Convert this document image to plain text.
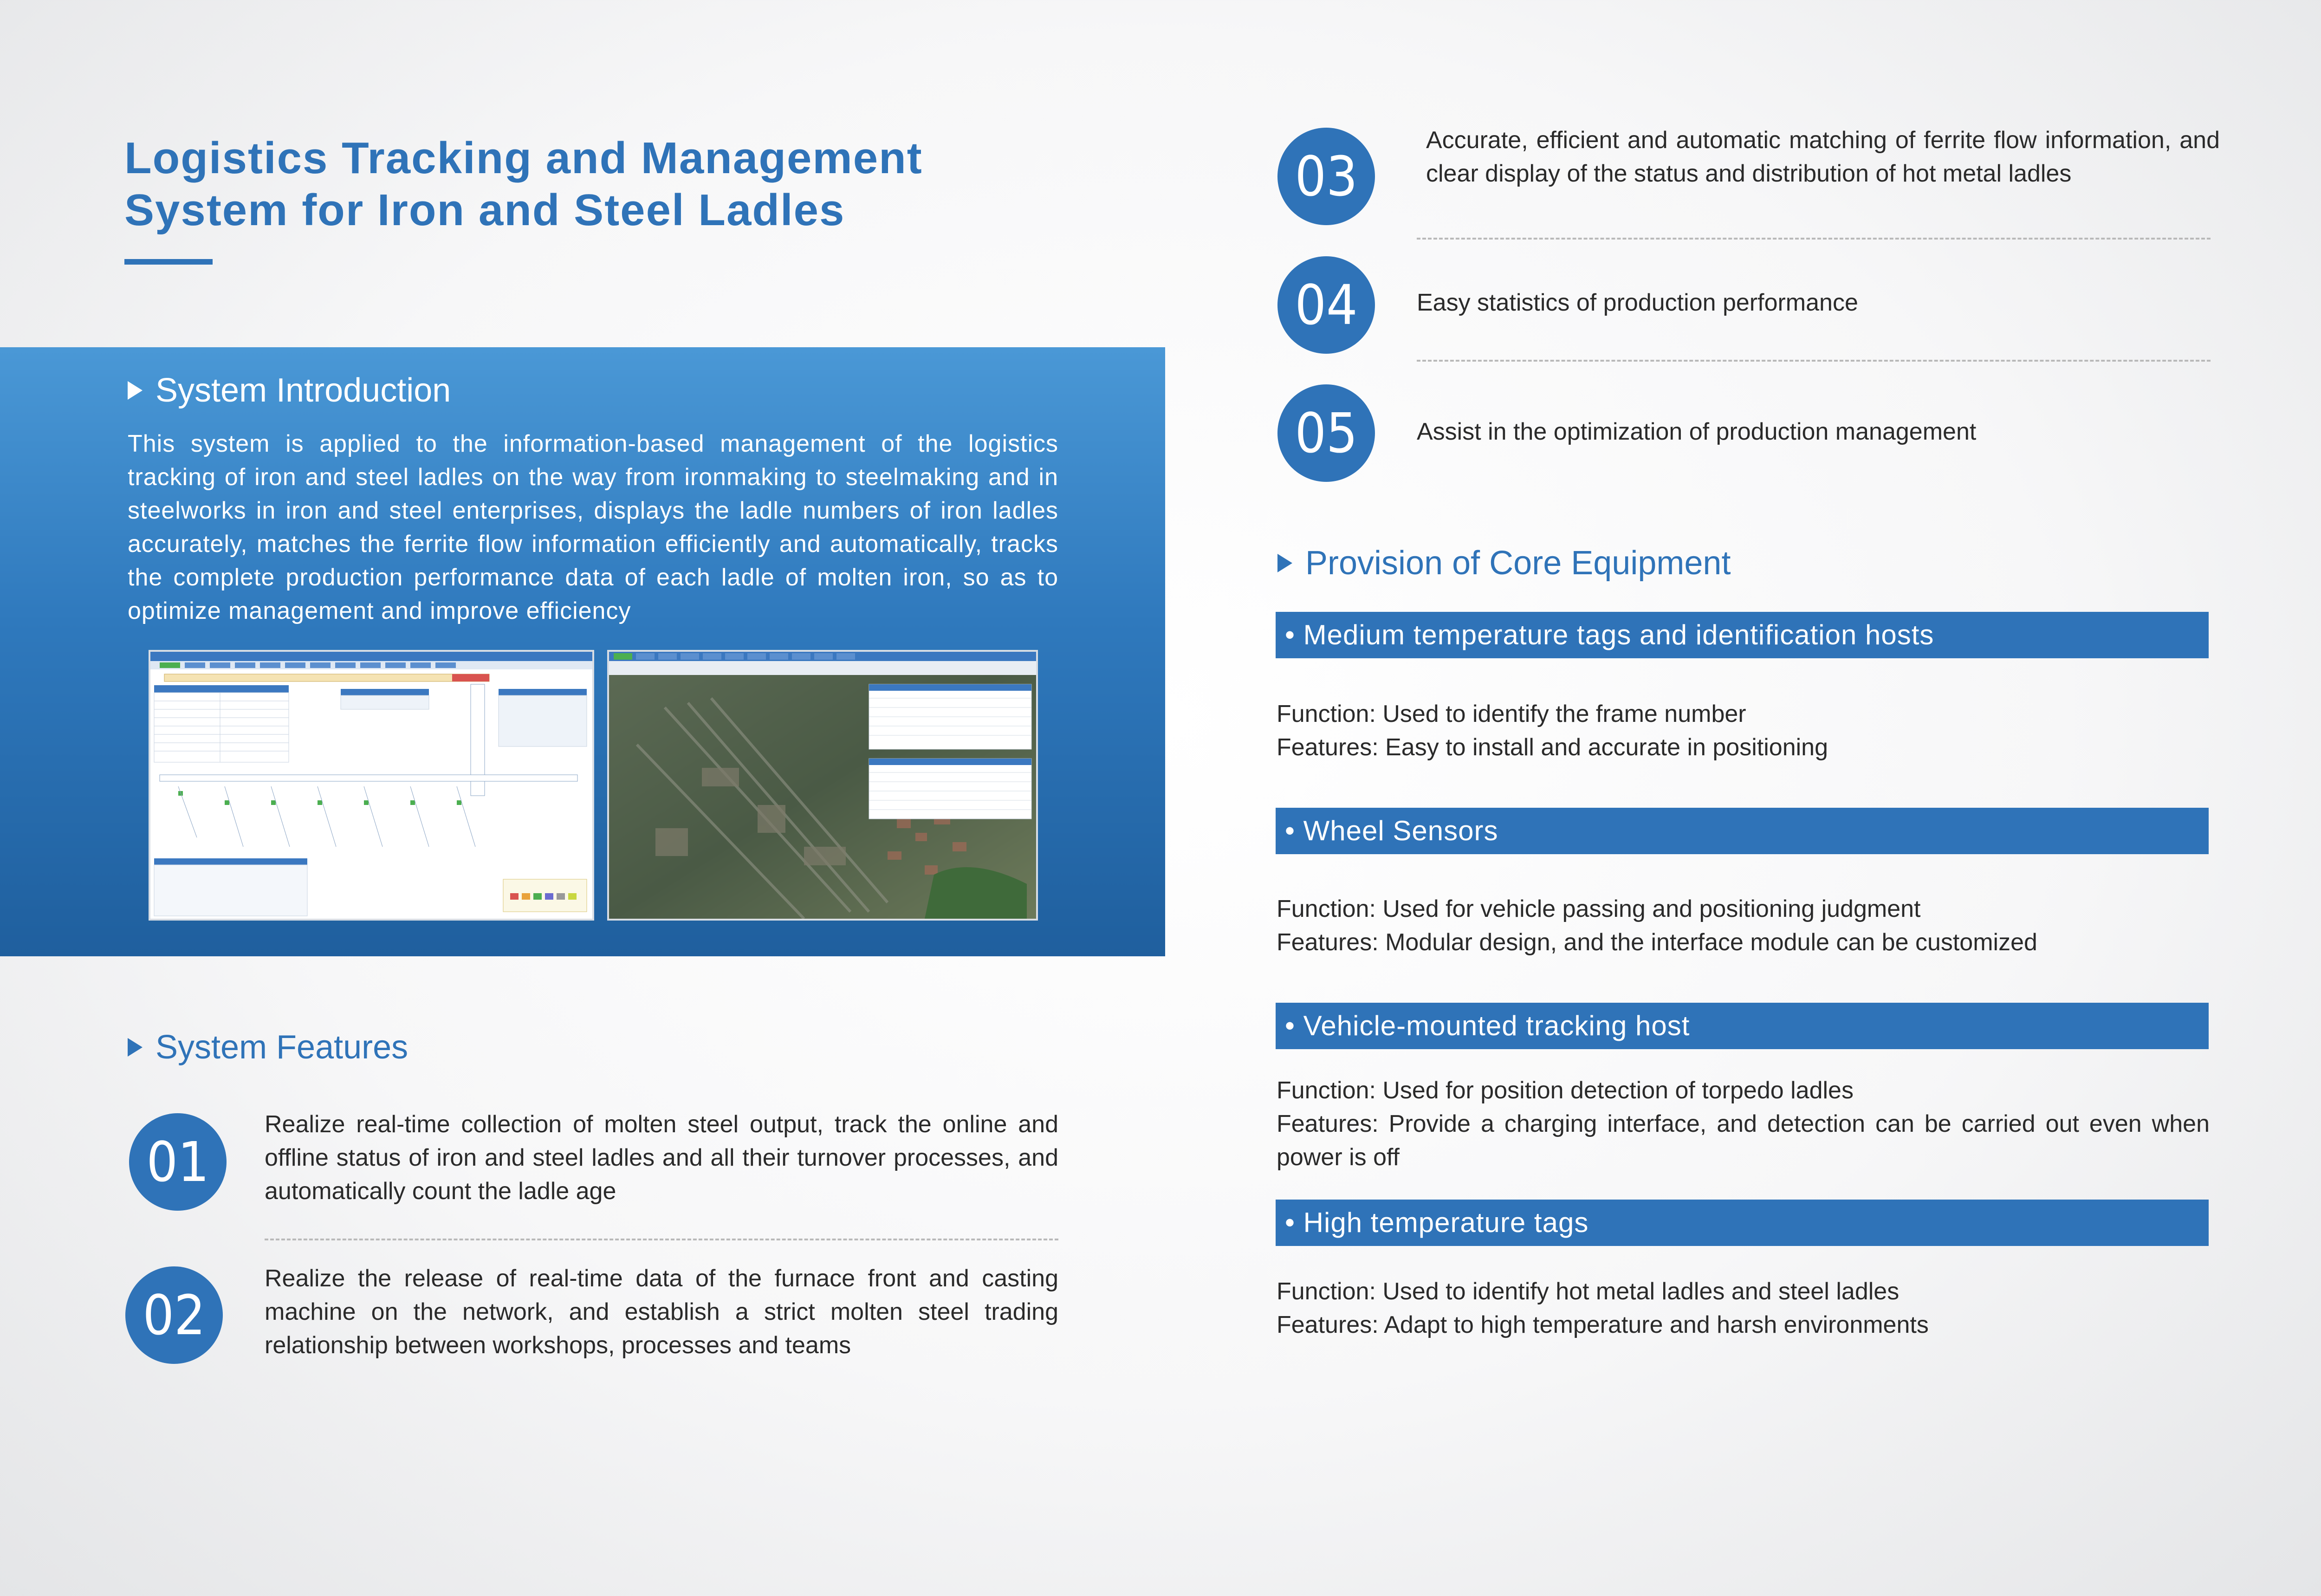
Logistics Tracking and Management
System for Iron and Steel Ladles
System Introduction
This system is applied to the information-based management of the logistics tracking of iron and steel ladles on the way from ironmaking to steelmaking and in steelworks in iron and steel enterprises, displays the ladle numbers of iron ladles accurately, matches the ferrite flow information efficiently and automatically, tracks the complete production performance data of each ladle of molten iron, so as to optimize management and improve efficiency
System Features
01
Realize real-time collection of molten steel output, track the online and offline status of iron and steel ladles and all their turnover processes, and automatically count the ladle age
02
Realize the release of real-time data of the furnace front and casting machine on the network, and establish a strict molten steel trading relationship between workshops, processes and teams
03
Accurate, efficient and automatic matching of ferrite flow information, and clear display of the status and distribution of hot metal ladles
04	Easy statistics of production performance
05	Assist in the optimization of production management
Provision of Core Equipment
• Medium temperature tags and identification hosts
Function: Used to identify the frame number
Features: Easy to install and accurate in positioning
• Wheel Sensors
Function: Used for vehicle passing and positioning judgment
Features: Modular design, and the interface module can be customized
• Vehicle-mounted tracking host
Function: Used for position detection of torpedo ladles
Features: Provide a charging interface, and detection can be carried out even when power is off
• High temperature tags
Function: Used to identify hot metal ladles and steel ladles
Features: Adapt to high temperature and harsh environments
